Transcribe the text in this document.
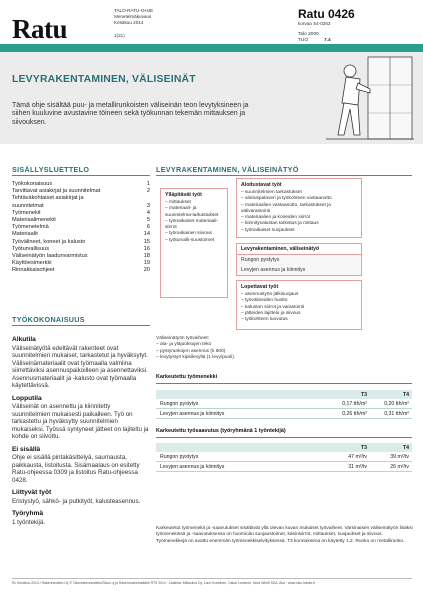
Ratu
TALO-RATU-OHJE
Menetelmäkuvaus
Kesäkuu 2014
1(21)
Ratu 0426
korvaa S4-0263
Talo 2000
TUO	7.4
LEVYRAKENTAMINEN, VÄLISEINÄT
Tämä ohje sisältää puu- ja metallirunkoisten väliseinän teon levytyksineen ja siihen kuuluvine avustavine töineen sekä työkunnan tekemän mittauksen ja siivouksen.
SISÄLLYSLUETTELO
Työkokonaisuus	1
Tarvittavat asiakirjat ja suunnitelmat	2
Tehtäväkohtaiset asiakirjat ja
suunnitelmat	3
Työmenekit	4
Materiaalimenekit	5
Työmenetelmä	6
Materiaalit	14
Työvälineet, koneet ja kalusto	15
Työturvallisuus	16
Väliseinätyön laadunvarmistus	18
Käyttöesimerkki	19
Rinnakkaisohjeet	20
LEVYRAKENTAMINEN, VÄLISEINÄTYÖ
Aloitustavat työt
– suunnitelmien tarkastukset
– aloituspalaveri ja työkohteen vastaanotto
– materiaalien vastaanotto, tarkastukset ja välivarastointi
– materiaalien ja koneiden siirrot
– kiinnitysalustan tarkistus ja mittaus
– työnaikaiset suojaukset
Ylläpitävät työt
– mittaukset
– materiaali- ja suunnitelma-tarkastukset
– työnaikaiset materiaali-siirrot
– työnaikainen siivous
– työturvalli-suustoimet
Levyrakentaminen, väliseinätyö
Rungon pystytys
Levyjen asennus ja kiinnitys
Lopettavat työt
– asennustyön jälkisuojaus
– työvälineiden huolto
– kaluston siirrot ja varastointi
– jätteiden lajittelu ja siivous
– työkohteen luovutus
TYÖKOKONAISUUS
Alkutila

Väliseinätyötä edeltävät rakenteet ovat suunnitelmien mukaiset, tarkastetut ja hyväksytyt. Väliseinämateriaalit ovat työmaalla valmiina siirrettäviksi asennuspaikoilleen ja asennettaviksi. Asennusmateriaalit ja -kalusto ovat työmaalla käytettävissä.

Lopputila

Väliseinät on asennettu ja kiinnitetty suunnitelmien mukaisesti paikalleen. Työ on tarkastettu ja hyväksytty suunnitelmien mukaiseksi. Työssä syntyneet jätteet on lajiteltu ja kohde on siivottu.

Ei sisällä

Ohje ei sisällä pintakäsittelyä, saumausta, paikkausta, listoitusta. Sisämaalaus on esitetty Ratu-ohjeessa 0309 ja listoitus Ratu-ohjeessa 0428.

Liittyvät työt

Eristystyö, sähkö- ja putkityöt, kalusteasennus.

Työryhmä

1 työntekijä.

Väliseinätyön työvaiheet:
– ala- ja yläjuoksujen teko
– pystyrankojen asennus (k 600)
– levytystyö kipsilevyllä (1 levy/puoli).
Karkeutettu työmenekki
T3	T4
Rungon pystytys	0,17 tth/m²	0,20 tth/m²
Levyjen asennus ja kiinnitys	0,26 tth/m²	0,31 tth/m²
Karkeutettu työsaavutus (työryhmänä 1 työntekijä)
T3	T4
Rungon pystytys	47 m²/tv	39 m²/tv
Levyjen asennus ja kiinnitys	31 m²/tv	26 m²/tv
Karkeutetut työmenekit ja -saavutukset sisältävät yllä olevan kuvan mukaiset työvaiheet. Varsinaisen väliseinätyön lisäksi työmenekissä ja -saavutuksessa on huomioitu suojaustoimet, käsinsiirrot, mittaukset, suojaukset ja siivous. Työmenekkejä on avattu enemmän työmenekkiselvityksessä. T3 korotuksena on käytetty 1,2. Runko on metallirunko.
RL Kesäkuu 2014 / Rakennustieto Oy © Talonrakennustieto/Sisus ry ja Rakennustietosäätiö RTS 2014 · Laatinta: Mittaviiva Oy, Lauri Koskinen, Oskar Laminen, Nora Wirell SSA, Aka · www.ratu-hanke.fi
